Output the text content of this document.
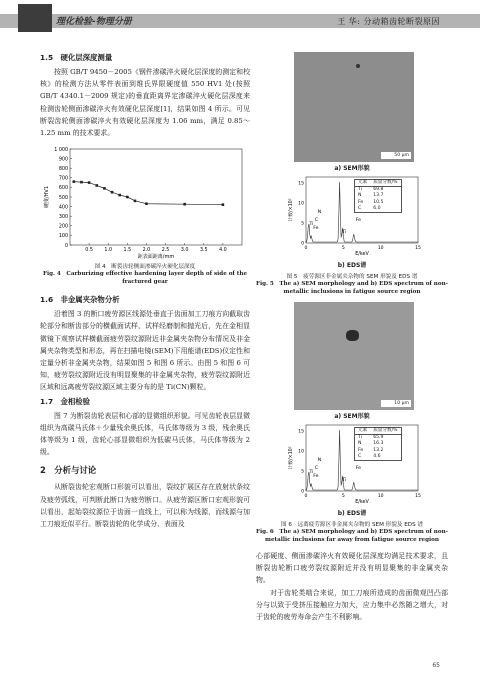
理化检验-物理分册	王 华: 分动箱齿轮断裂原因
1.5　硬化层深度测量

按照 GB/T 9450－2005《钢件渗碳淬火硬化层深度的测定和校核》的检测方法从零件表面到维氏界限硬度值 550 HV1 处(按照 GB/T 4340.1－2009 规定)的垂直距离界定渗碳淬火硬化层深度来检测齿轮侧面渗碳淬火有效硬化层深度[1]，结果如图 4 所示。可见断裂齿轮侧面渗碳淬火有效硬化层深度为 1.06 mm，满足 0.85～1.25 mm 的技术要求。

1 000
900
800
700
600
500
400
300
200
100
0
0.5 1.0 1.5 2.0 2.5 3.0 3.5 4.0
距表面距离/mm
硬度/HV1
图 4　断裂齿轮侧面渗碳淬火硬化层深度
Fig. 4　Carburizing effective hardening layer depth of side of the fractured gear
1.6　非金属夹杂物分析

沿着图 3 的断口疲劳源区线源处垂直于齿面加工刀痕方向截取齿轮部分和断齿部分的横截面试样，试样经磨制和抛光后，先在金相显微镜下观察试样横截面疲劳裂纹源附近非金属夹杂物分布情况及非金属夹杂物类型和形态，再在扫描电镜(SEM)下用能谱(EDS)仪定性和定量分析非金属夹杂物，结果如图 5 和图 6 所示。由图 5 和图 6 可知，疲劳裂纹源附近没有明显聚集的非金属夹杂物，疲劳裂纹源附近区域和远离疲劳裂纹源区域主要分布的是 Ti(CN)颗粒。

1.7　金相检验

图 7 为断裂齿轮表层和心部的显微组织形貌。可见齿轮表层显微组织为高碳马氏体＋少量残余奥氏体，马氏体等级为 3 级，残余奥氏体等级为 1 级，齿轮心部显微组织为低碳马氏体，马氏体等级为 2 级。

2　分析与讨论

从断裂齿轮宏观断口形貌可以看出，裂纹扩展区存在放射状条纹及疲劳弧线，可判断此断口为疲劳断口。从疲劳源区断口宏观形貌可以看出，起始裂纹源位于齿面一直线上，可以称为线源，而线源与加工刀痕近似平行。断裂齿轮的化学成分、表面及

50 μm
a) SEM形貌
15
10
5
0
0	5	10	15
E/keV
计数/×10²
Ti
Fe
C
N
Ti
Fe
元素	质量分数/%
Ti	69.8
N	13.7
Fe	10.5
C	6.0
b) EDS谱
图 5　疲劳源区非金属夹杂物的 SEM 形貌及 EDS 谱
Fig. 5　The a) SEM morphology and b) EDS spectrum of non-metallic inclusions in fatigue source region
10 μm
a) SEM形貌
15
10
5
0
0	5	10	15
E/keV
计数/×10²
Ti
Fe
C
N
Ti
Fe
元素	质量分数/%
Ti	65.9
N	16.3
Fe	13.2
C	4.6
b) EDS谱
图 6　远离疲劳源区非金属夹杂物的 SEM 形貌及 EDS 谱
Fig. 6　The a) SEM morphology and b) EDS spectrum of non-metallic inclusions far away from fatigue source region

心部硬度、侧面渗碳淬火有效硬化层深度均满足技术要求，且断裂齿轮断口疲劳裂纹源附近并没有明显聚集的非金属夹杂物。

对于齿轮类啮合来说，加工刀痕所造成的齿面微观凹凸部分与以致于受挤压接触应力加大，应力集中必然随之增大，对于齿轮的疲劳寿命会产生不利影响。

65
